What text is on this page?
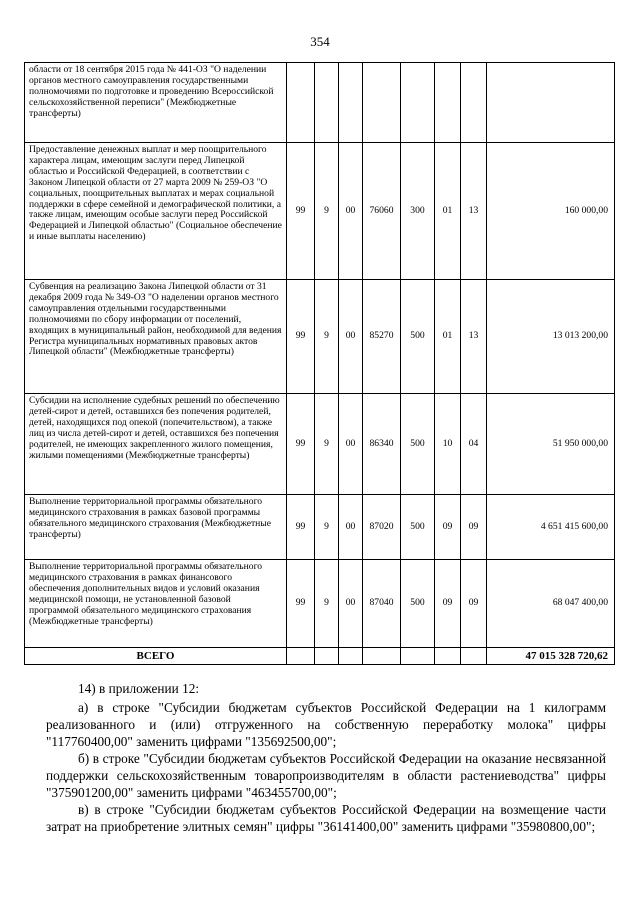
354
области от 18 сентября 2015 года № 441-ОЗ "О наделении органов местного самоуправления государственными полномочиями по подготовке и проведению Всероссийской сельскохозяйственной переписи" (Межбюджетные трансферты)								
Предоставление денежных выплат и мер поощрительного характера лицам, имеющим заслуги перед Липецкой областью и Российской Федерацией, в соответствии с Законом Липецкой области от 27 марта 2009 № 259-ОЗ "О социальных, поощрительных выплатах и мерах социальной поддержки в сфере семейной и демографической политики, а также лицам, имеющим особые заслуги перед Российской Федерацией и Липецкой областью" (Социальное обеспечение и иные выплаты населению)	99	9	00	76060	300	01	13	160 000,00
Субвенция на реализацию Закона Липецкой области от 31 декабря 2009 года № 349-ОЗ "О наделении органов местного самоуправления отдельными государственными полномочиями по сбору информации от поселений, входящих в муниципальный район, необходимой для ведения Регистра муниципальных нормативных правовых актов Липецкой области" (Межбюджетные трансферты)	99	9	00	85270	500	01	13	13 013 200,00
Субсидии на исполнение судебных решений по обеспечению детей-сирот и детей, оставшихся без попечения родителей, детей, находящихся под опекой (попечительством), а также лиц из числа детей-сирот и детей, оставшихся без попечения родителей, не имеющих закрепленного жилого помещения, жилыми помещениями (Межбюджетные трансферты)	99	9	00	86340	500	10	04	51 950 000,00
Выполнение территориальной программы обязательного медицинского страхования в рамках базовой программы обязательного медицинского страхования (Межбюджетные трансферты)	99	9	00	87020	500	09	09	4 651 415 600,00
Выполнение территориальной программы обязательного медицинского страхования в рамках финансового обеспечения дополнительных видов и условий оказания медицинской помощи, не установленной базовой программой обязательного медицинского страхования (Межбюджетные трансферты)	99	9	00	87040	500	09	09	68 047 400,00
ВСЕГО								47 015 328 720,62

14) в приложении 12:

а) в строке "Субсидии бюджетам субъектов Российской Федерации на 1 килограмм реализованного и (или) отгруженного на собственную переработку молока" цифры "117760400,00" заменить цифрами "135692500,00";

б) в строке "Субсидии бюджетам субъектов Российской Федерации на оказание несвязанной поддержки сельскохозяйственным товаропроизводителям в области растениеводства" цифры "375901200,00" заменить цифрами "463455700,00";

в) в строке "Субсидии бюджетам субъектов Российской Федерации на возмещение части затрат на приобретение элитных семян" цифры "36141400,00" заменить цифрами "35980800,00";
